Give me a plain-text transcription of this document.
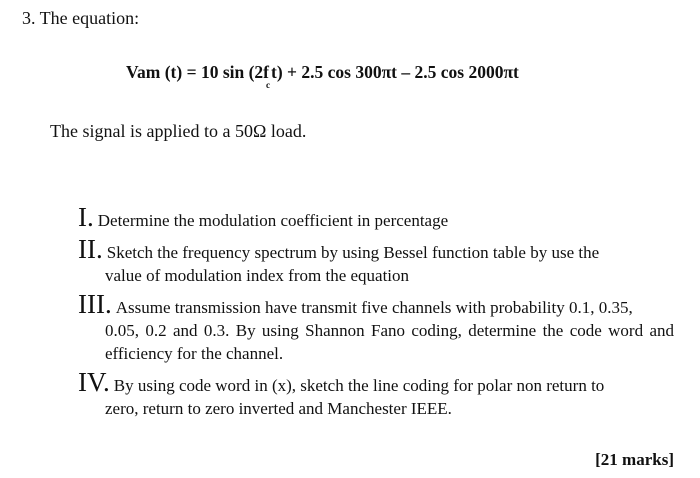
3. The equation:
Vam (t) = 10 $\sin (2f_ct) + 2.5$ cos 300πt – 2.5 cos 2000πt
The signal is applied to a 50Ω load.
I. Determine the modulation coefficient in percentage
II. Sketch the frequency spectrum by using Bessel function table by use the
value of modulation index from the equation
III. Assume transmission have transmit five channels with probability 0.1, 0.35,
0.05, 0.2 and 0.3. By using Shannon Fano coding, determine the code word and efficiency for the channel.
IV. By using code word in (x), sketch the line coding for polar non return to
zero, return to zero inverted and Manchester IEEE.
[21 marks]
